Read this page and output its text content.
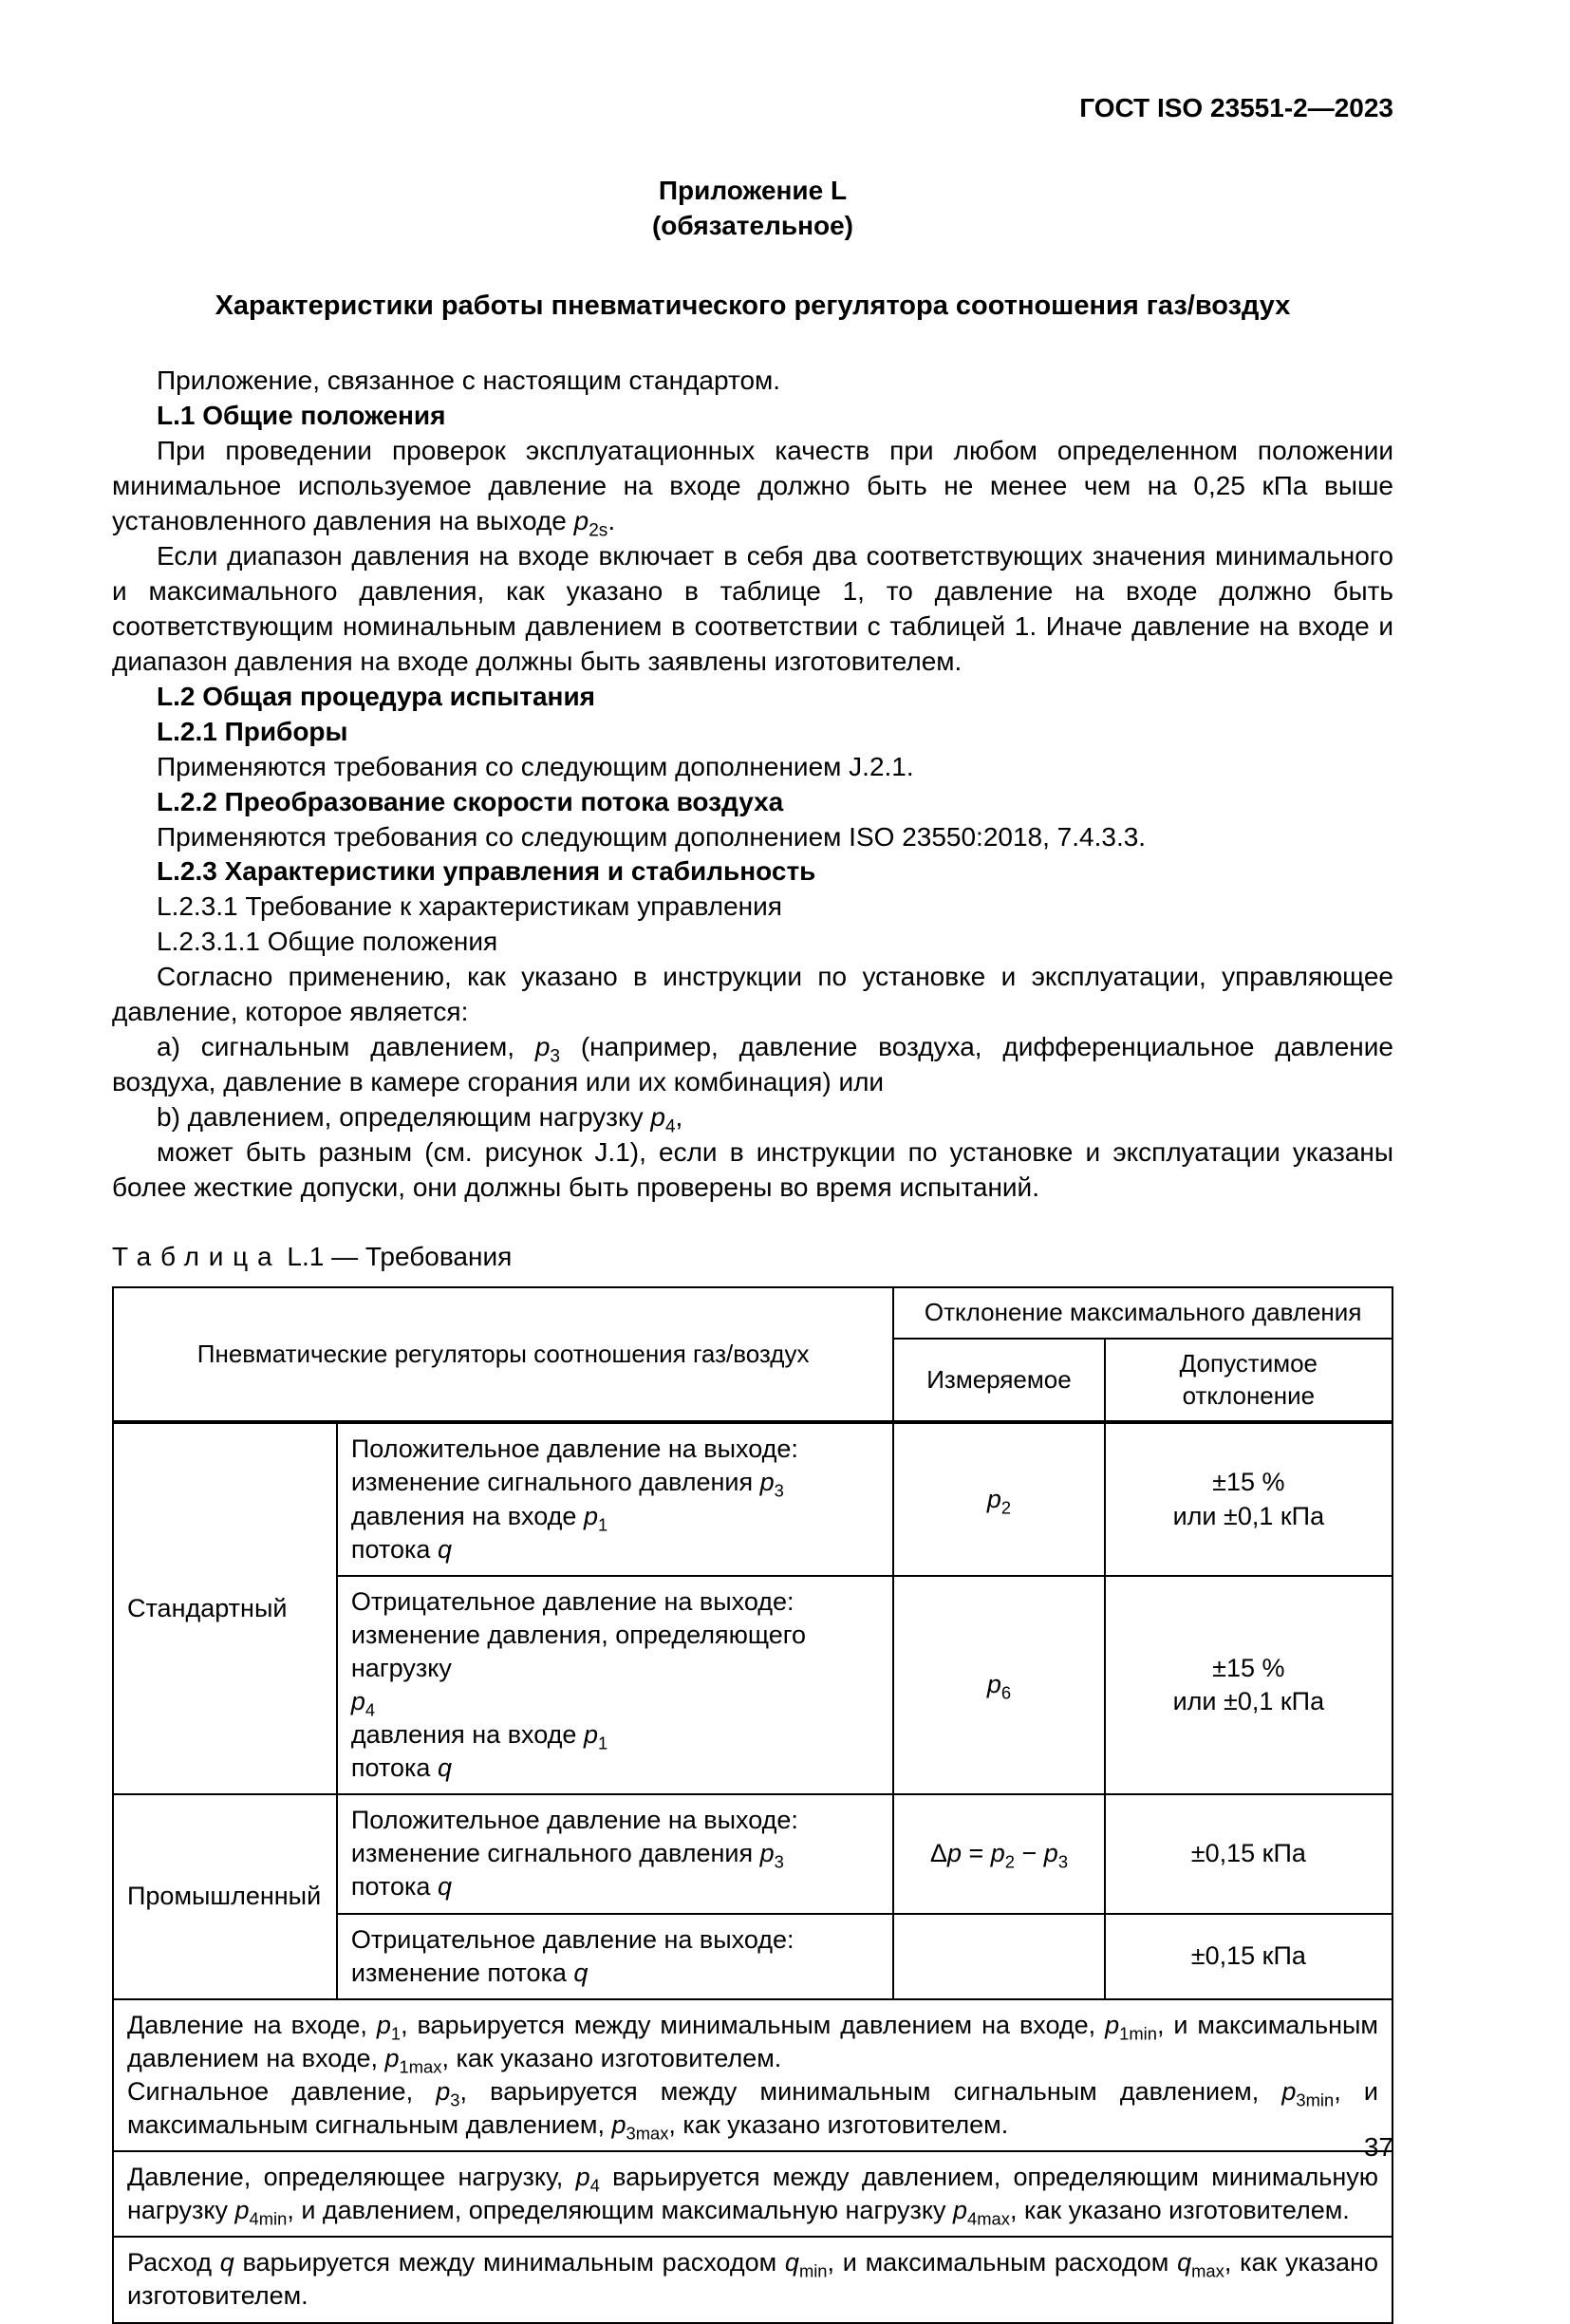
ГОСТ ISO 23551-2—2023
Приложение L
(обязательное)
Характеристики работы пневматического регулятора соотношения газ/воздух

Приложение, связанное с настоящим стандартом.

L.1 Общие положения

При проведении проверок эксплуатационных качеств при любом определенном положении минимальное используемое давление на входе должно быть не менее чем на 0,25 кПа выше установленного давления на выходе $p_{2s}$.

Если диапазон давления на входе включает в себя два соответствующих значения минимального и максимального давления, как указано в таблице 1, то давление на входе должно быть соответствующим номинальным давлением в соответствии с таблицей 1. Иначе давление на входе и диапазон давления на входе должны быть заявлены изготовителем.

L.2 Общая процедура испытания

L.2.1 Приборы

Применяются требования со следующим дополнением J.2.1.

L.2.2 Преобразование скорости потока воздуха

Применяются требования со следующим дополнением ISO 23550:2018, 7.4.3.3.

L.2.3 Характеристики управления и стабильность

L.2.3.1 Требование к характеристикам управления

L.2.3.1.1 Общие положения

Согласно применению, как указано в инструкции по установке и эксплуатации, управляющее давление, которое является:

a) сигнальным давлением, $p_3$ (например, давление воздуха, дифференциальное давление воздуха, давление в камере сгорания или их комбинация) или

b) давлением, определяющим нагрузку $p_4$,

может быть разным (см. рисунок J.1), если в инструкции по установке и эксплуатации указаны более жесткие допуски, они должны быть проверены во время испытаний.

Таблица L.1 — Требования

Пневматические регуляторы соотношения газ/воздух		Отклонение максимального давления	
		Измеряемое	Допустимое отклонение
Стандартный	Положительное давление на выходе:
изменение сигнального давления $p_3$
давления на входе $p_1$
потока q	$p_2$	±15 %
или ±0,1 кПа
	Отрицательное давление на выходе:
изменение давления, определяющего нагрузку
$p_4$
давления на входе $p_1$
потока q	$p_6$	±15 %
или ±0,1 кПа
Промышленный	Положительное давление на выходе:
изменение сигнального давления $p_3$
потока q	$\Delta p = p_2 - p_3$	±0,15 кПа
	Отрицательное давление на выходе:
изменение потока q		±0,15 кПа
Давление на входе, $p_1$, варьируется между минимальным давлением на входе, $p_{1min}$, и максимальным давлением на входе, $p_{1max}$, как указано изготовителем.
Сигнальное давление, $p_3$, варьируется между минимальным сигнальным давлением, $p_{3min}$, и максимальным сигнальным давлением, $p_{3max}$, как указано изготовителем.			
Давление, определяющее нагрузку, $p_4$ варьируется между давлением, определяющим минимальную нагрузку $p_{4min}$, и давлением, определяющим максимальную нагрузку $p_{4max}$, как указано изготовителем.			
Расход q варьируется между минимальным расходом $q_{min}$, и максимальным расходом $q_{max}$, как указано изготовителем.			
37
